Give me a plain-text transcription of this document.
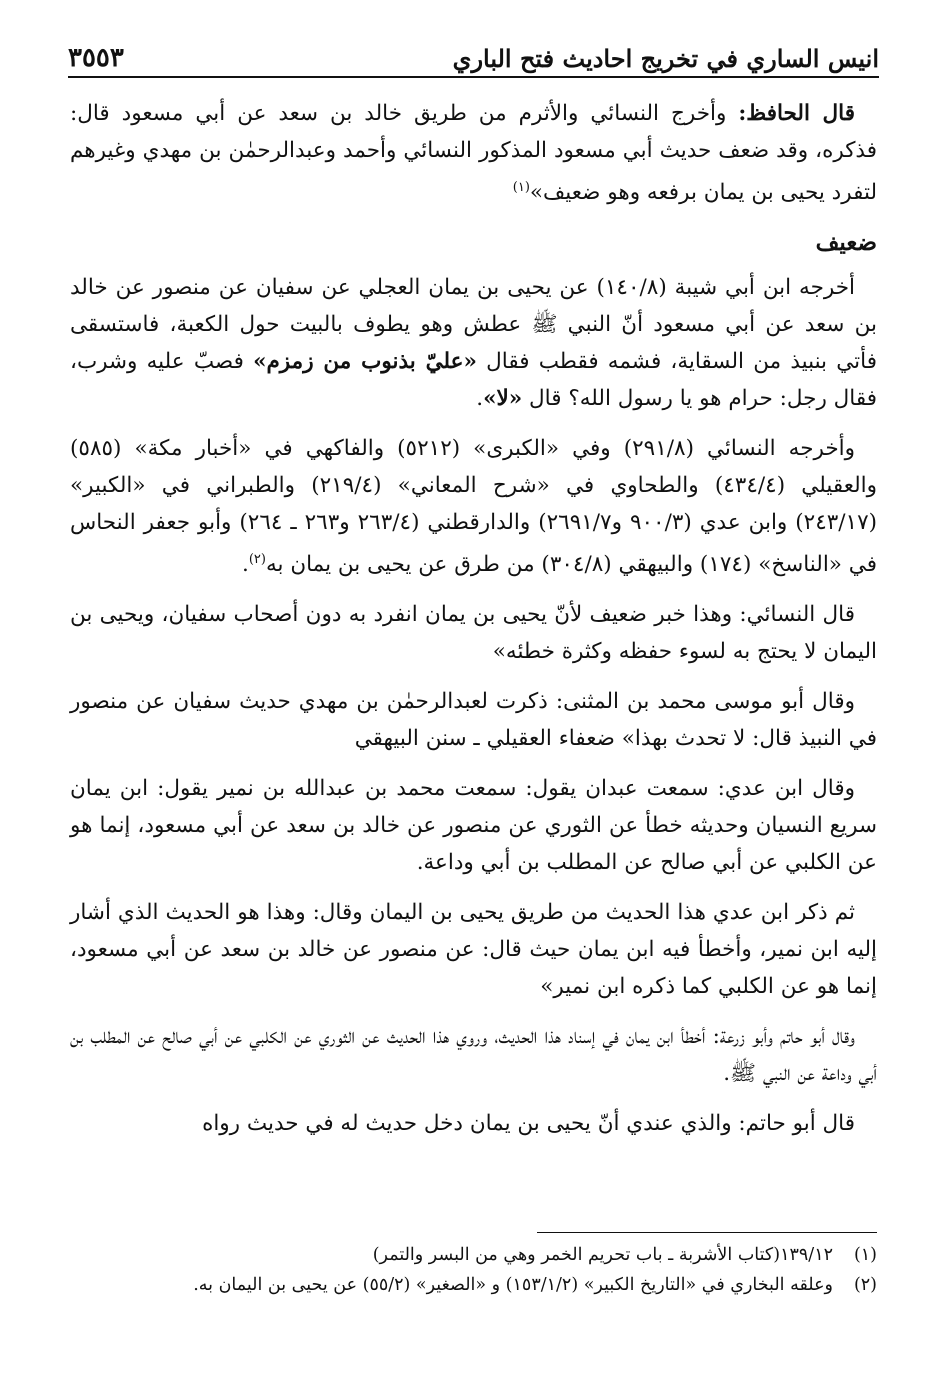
انيس الساري في تخريج احاديث فتح الباري
٣٥٥٣

قال الحافظ: وأخرج النسائي والأثرم من طريق خالد بن سعد عن أبي مسعود قال: فذكره، وقد ضعف حديث أبي مسعود المذكور النسائي وأحمد وعبدالرحمٰن بن مهدي وغيرهم لتفرد يحيى بن يمان برفعه وهو ضعيف»$^{(١)}$

ضعيف

أخرجه ابن أبي شيبة (١٤٠/٨) عن يحيى بن يمان العجلي عن سفيان عن منصور عن خالد بن سعد عن أبي مسعود أنّ النبي ﷺ عطش وهو يطوف بالبيت حول الكعبة، فاستسقى فأتي بنبيذ من السقاية، فشمه فقطب فقال «عليّ بذنوب من زمزم» فصبّ عليه وشرب، فقال رجل: حرام هو يا رسول الله؟ قال «لا».

وأخرجه النسائي (٢٩١/٨) وفي «الكبرى» (٥٢١٢) والفاكهي في «أخبار مكة» (٥٨٥) والعقيلي (٤٣٤/٤) والطحاوي في «شرح المعاني» (٢١٩/٤) والطبراني في «الكبير» (٢٤٣/١٧) وابن عدي (٩٠٠/٣ و٢٦٩١/٧) والدارقطني (٢٦٣/٤ و٢٦٣ ـ ٢٦٤) وأبو جعفر النحاس في «الناسخ» (١٧٤) والبيهقي (٣٠٤/٨) من طرق عن يحيى بن يمان به$^{(٢)}$.

قال النسائي: وهذا خبر ضعيف لأنّ يحيى بن يمان انفرد به دون أصحاب سفيان، ويحيى بن اليمان لا يحتج به لسوء حفظه وكثرة خطئه»

وقال أبو موسى محمد بن المثنى: ذكرت لعبدالرحمٰن بن مهدي حديث سفيان عن منصور في النبيذ قال: لا تحدث بهذا» ضعفاء العقيلي ـ سنن البيهقي

وقال ابن عدي: سمعت عبدان يقول: سمعت محمد بن عبدالله بن نمير يقول: ابن يمان سريع النسيان وحديثه خطأ عن الثوري عن منصور عن خالد بن سعد عن أبي مسعود، إنما هو عن الكلبي عن أبي صالح عن المطلب بن أبي وداعة.

ثم ذكر ابن عدي هذا الحديث من طريق يحيى بن اليمان وقال: وهذا هو الحديث الذي أشار إليه ابن نمير، وأخطأ فيه ابن يمان حيث قال: عن منصور عن خالد بن سعد عن أبي مسعود، إنما هو عن الكلبي كما ذكره ابن نمير»

وقال أبو حاتم وأبو زرعة: أخطأ ابن يمان في إسناد هذا الحديث، وروي هذا الحديث عن الثوري عن الكلبي عن أبي صالح عن المطلب بن أبي وداعة عن النبي ﷺ.

قال أبو حاتم: والذي عندي أنّ يحيى بن يمان دخل حديث له في حديث رواه

(١)
١٣٩/١٢(كتاب الأشربة ـ باب تحريم الخمر وهي من البسر والتمر)
(٢)
وعلقه البخاري في «التاريخ الكبير» (١٥٣/١/٢) و «الصغير» (٥٥/٢) عن يحيى بن اليمان به.
